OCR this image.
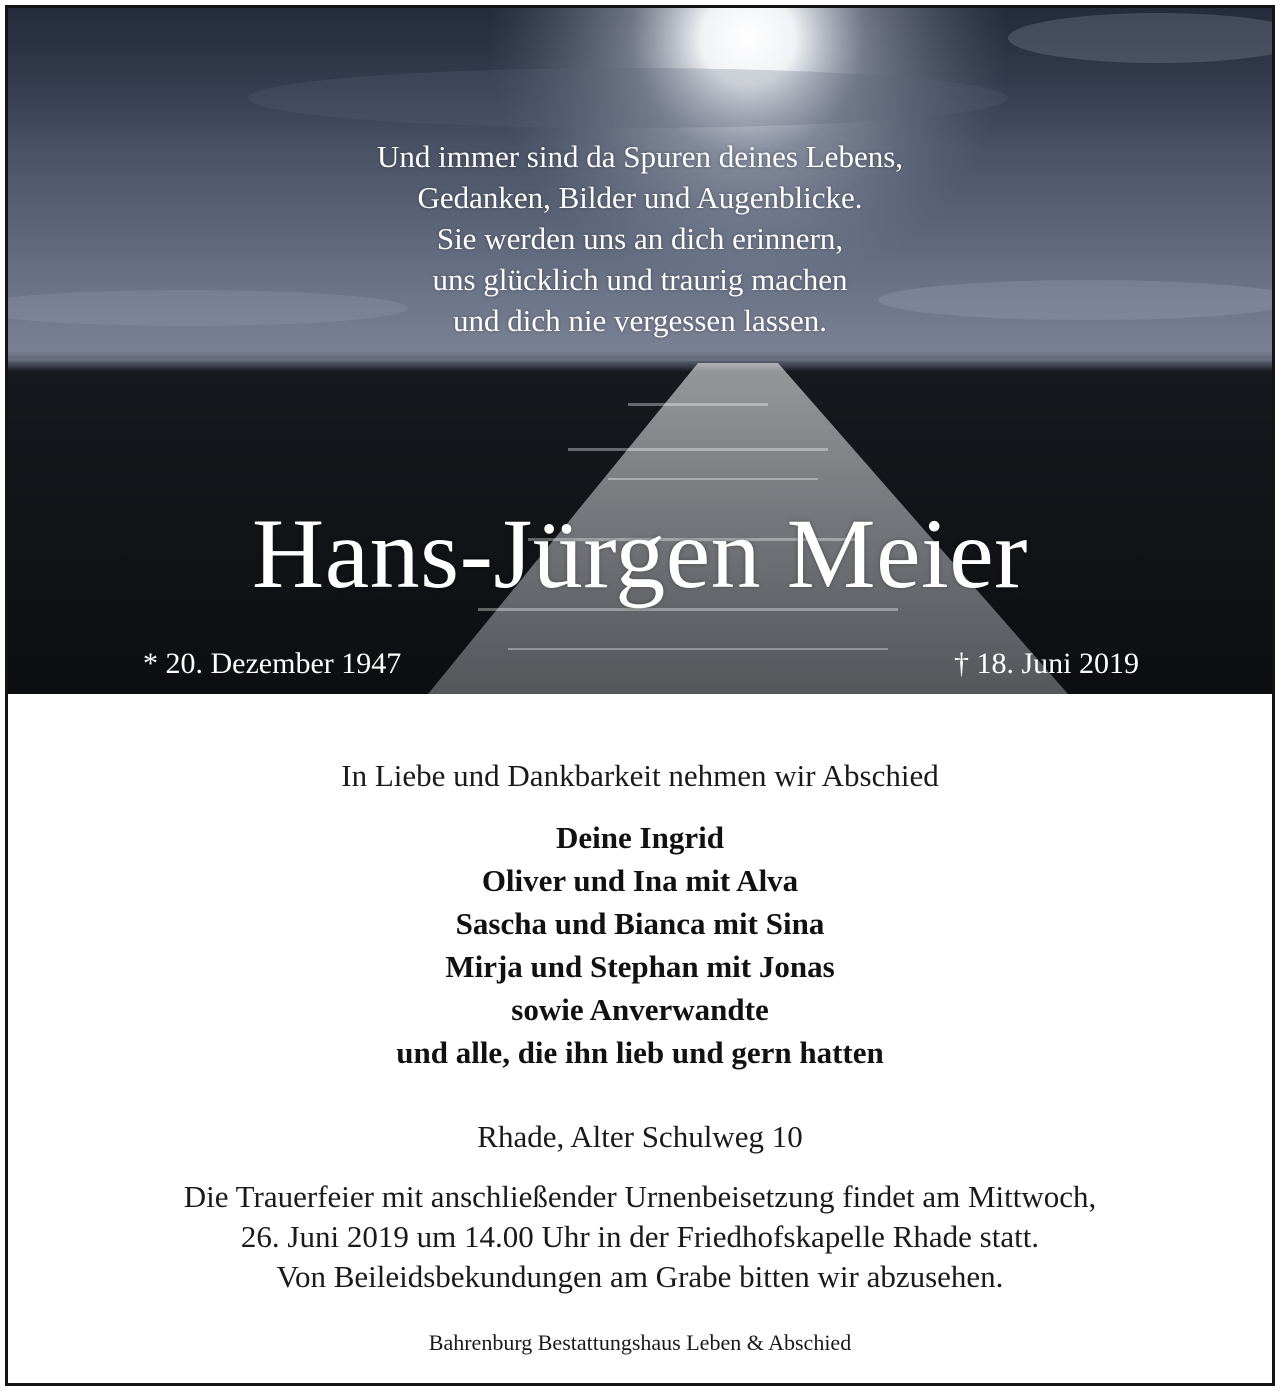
Und immer sind da Spuren deines Lebens,
Gedanken, Bilder und Augenblicke.
Sie werden uns an dich erinnern,
uns glücklich und traurig machen
und dich nie vergessen lassen.
Hans-Jürgen Meier
* 20. Dezember 1947	† 18. Juni 2019
In Liebe und Dankbarkeit nehmen wir Abschied
Deine Ingrid
Oliver und Ina mit Alva
Sascha und Bianca mit Sina
Mirja und Stephan mit Jonas
sowie Anverwandte
und alle, die ihn lieb und gern hatten
Rhade, Alter Schulweg 10
Die Trauerfeier mit anschließender Urnenbeisetzung findet am Mittwoch,
26. Juni 2019 um 14.00 Uhr in der Friedhofskapelle Rhade statt.
Von Beileidsbekundungen am Grabe bitten wir abzusehen.
Bahrenburg Bestattungshaus Leben & Abschied
